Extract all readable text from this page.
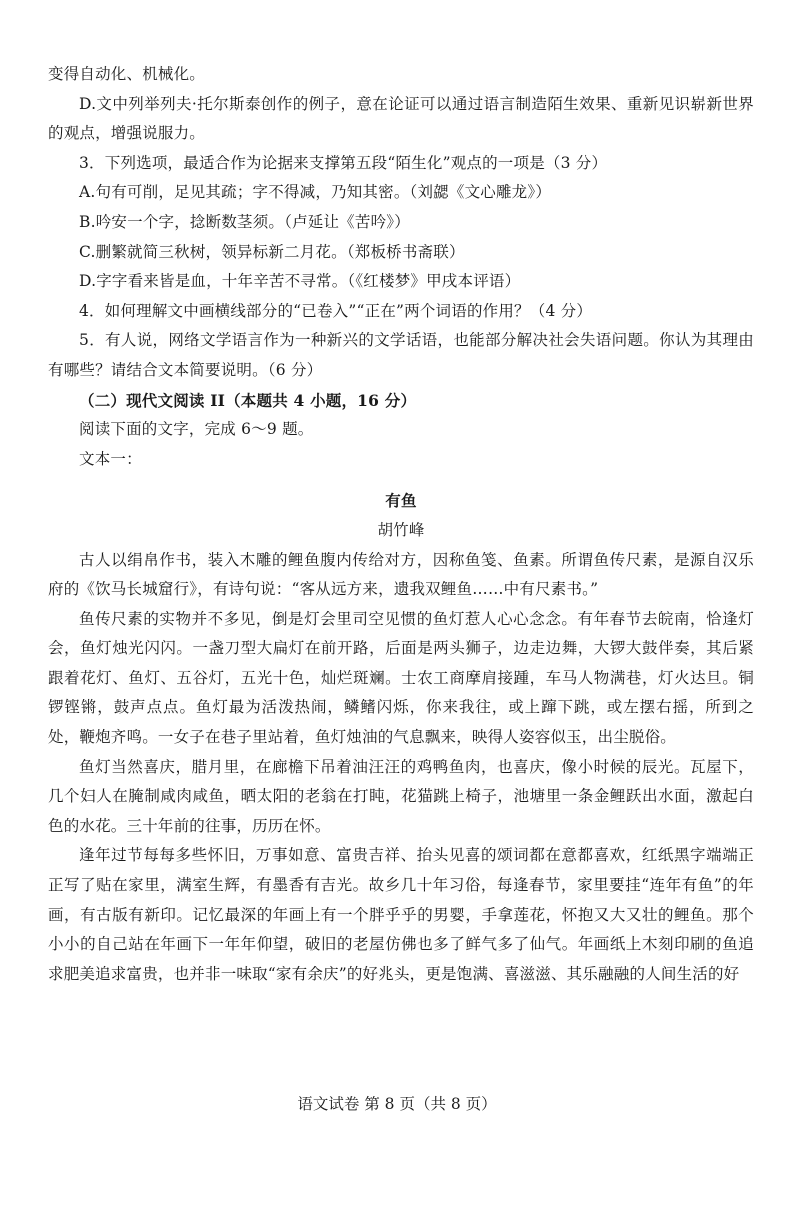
变得自动化、机械化。

D.文中列举列夫·托尔斯泰创作的例子，意在论证可以通过语言制造陌生效果、重新见识崭新世界的观点，增强说服力。

3．下列选项，最适合作为论据来支撑第五段“陌生化”观点的一项是（3 分）

A.句有可削，足见其疏；字不得减，乃知其密。（刘勰《文心雕龙》）

B.吟安一个字，捻断数茎须。（卢延让《苦吟》）

C.删繁就简三秋树，领异标新二月花。（郑板桥书斋联）

D.字字看来皆是血，十年辛苦不寻常。（《红楼梦》甲戌本评语）

4．如何理解文中画横线部分的“已卷入”“正在”两个词语的作用？（4 分）

5．有人说，网络文学语言作为一种新兴的文学话语，也能部分解决社会失语问题。你认为其理由有哪些？请结合文本简要说明。（6 分）

（二）现代文阅读 II（本题共 4 小题，16 分）

阅读下面的文字，完成 6～9 题。

文本一：

有鱼

胡竹峰

古人以绢帛作书，装入木雕的鲤鱼腹内传给对方，因称鱼笺、鱼素。所谓鱼传尺素，是源自汉乐府的《饮马长城窟行》，有诗句说：“客从远方来，遗我双鲤鱼……中有尺素书。”

鱼传尺素的实物并不多见，倒是灯会里司空见惯的鱼灯惹人心心念念。有年春节去皖南，恰逢灯会，鱼灯烛光闪闪。一盏刀型大扁灯在前开路，后面是两头狮子，边走边舞，大锣大鼓伴奏，其后紧跟着花灯、鱼灯、五谷灯，五光十色，灿烂斑斓。士农工商摩肩接踵，车马人物满巷，灯火达旦。铜锣铿锵，鼓声点点。鱼灯最为活泼热闹，鳞鳍闪烁，你来我往，或上蹿下跳，或左摆右摇，所到之处，鞭炮齐鸣。一女子在巷子里站着，鱼灯烛油的气息飘来，映得人姿容似玉，出尘脱俗。

鱼灯当然喜庆，腊月里，在廊檐下吊着油汪汪的鸡鸭鱼肉，也喜庆，像小时候的辰光。瓦屋下，几个妇人在腌制咸肉咸鱼，晒太阳的老翁在打盹，花猫跳上椅子，池塘里一条金鲤跃出水面，激起白色的水花。三十年前的往事，历历在怀。

逢年过节每每多些怀旧，万事如意、富贵吉祥、抬头见喜的颂词都在意都喜欢，红纸黑字端端正正写了贴在家里，满室生辉，有墨香有吉光。故乡几十年习俗，每逢春节，家里要挂“连年有鱼”的年画，有古版有新印。记忆最深的年画上有一个胖乎乎的男婴，手拿莲花，怀抱又大又壮的鲤鱼。那个小小的自己站在年画下一年年仰望，破旧的老屋仿佛也多了鲜气多了仙气。年画纸上木刻印刷的鱼追求肥美追求富贵，也并非一味取“家有余庆”的好兆头，更是饱满、喜滋滋、其乐融融的人间生活的好

语文试卷 第 8 页（共 8 页）
